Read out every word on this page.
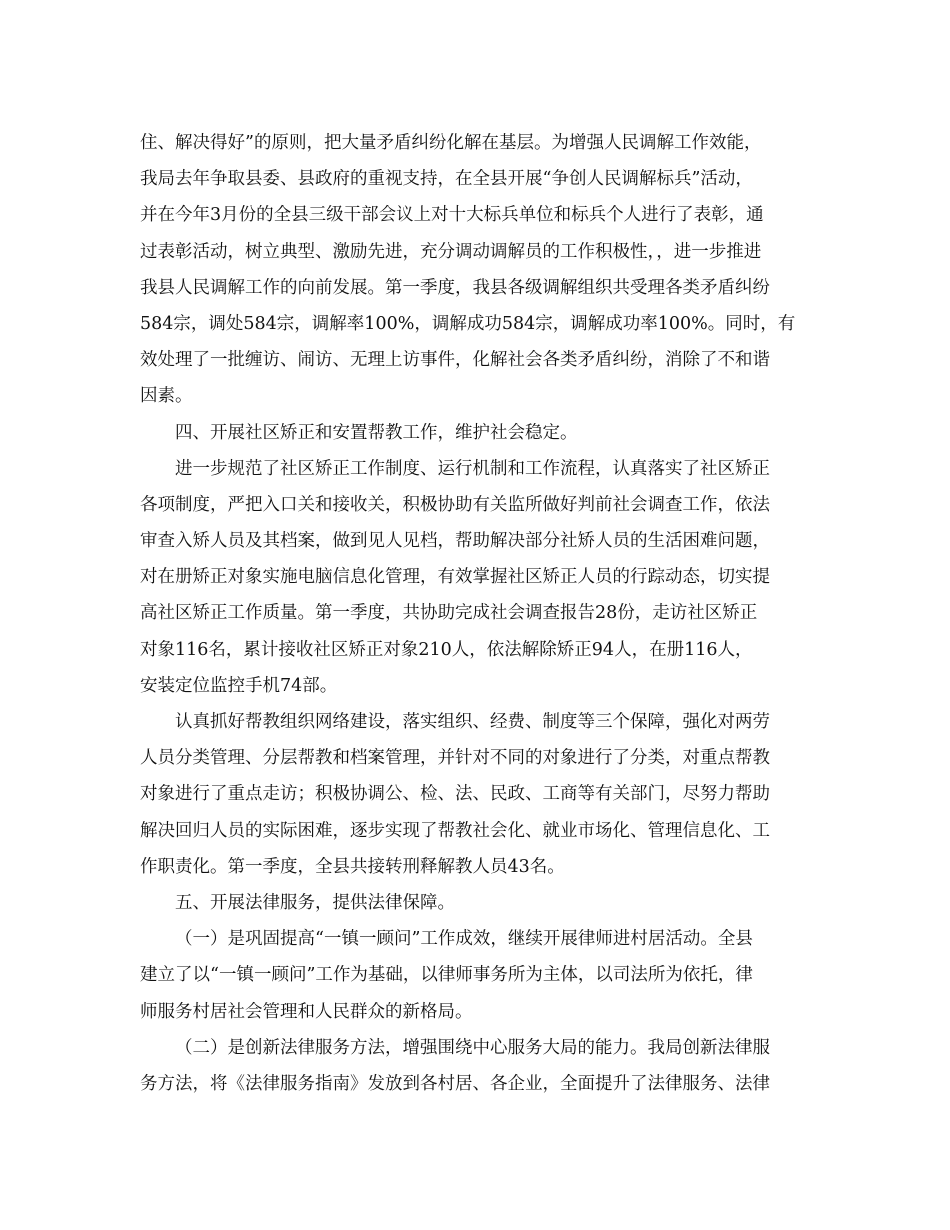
住、解决得好”的原则，把大量矛盾纠纷化解在基层。为增强人民调解工作效能，
我局去年争取县委、县政府的重视支持，在全县开展“争创人民调解标兵”活动，
并在今年3月份的全县三级干部会议上对十大标兵单位和标兵个人进行了表彰，通
过表彰活动，树立典型、激励先进，充分调动调解员的工作积极性，，进一步推进
我县人民调解工作的向前发展。第一季度，我县各级调解组织共受理各类矛盾纠纷
584宗，调处584宗，调解率100%，调解成功584宗，调解成功率100%。同时，有
效处理了一批缠访、闹访、无理上访事件，化解社会各类矛盾纠纷，消除了不和谐
因素。
四、开展社区矫正和安置帮教工作，维护社会稳定。
进一步规范了社区矫正工作制度、运行机制和工作流程，认真落实了社区矫正
各项制度，严把入口关和接收关，积极协助有关监所做好判前社会调查工作，依法
审查入矫人员及其档案，做到见人见档，帮助解决部分社矫人员的生活困难问题，
对在册矫正对象实施电脑信息化管理，有效掌握社区矫正人员的行踪动态，切实提
高社区矫正工作质量。第一季度，共协助完成社会调查报告28份，走访社区矫正
对象116名，累计接收社区矫正对象210人，依法解除矫正94人，在册116人，
安装定位监控手机74部。
认真抓好帮教组织网络建设，落实组织、经费、制度等三个保障，强化对两劳
人员分类管理、分层帮教和档案管理，并针对不同的对象进行了分类，对重点帮教
对象进行了重点走访；积极协调公、检、法、民政、工商等有关部门，尽努力帮助
解决回归人员的实际困难，逐步实现了帮教社会化、就业市场化、管理信息化、工
作职责化。第一季度，全县共接转刑释解教人员43名。
五、开展法律服务，提供法律保障。
（一）是巩固提高“一镇一顾问”工作成效，继续开展律师进村居活动。全县
建立了以“一镇一顾问”工作为基础，以律师事务所为主体，以司法所为依托，律
师服务村居社会管理和人民群众的新格局。
（二）是创新法律服务方法，增强围绕中心服务大局的能力。我局创新法律服
务方法，将《法律服务指南》发放到各村居、各企业，全面提升了法律服务、法律
